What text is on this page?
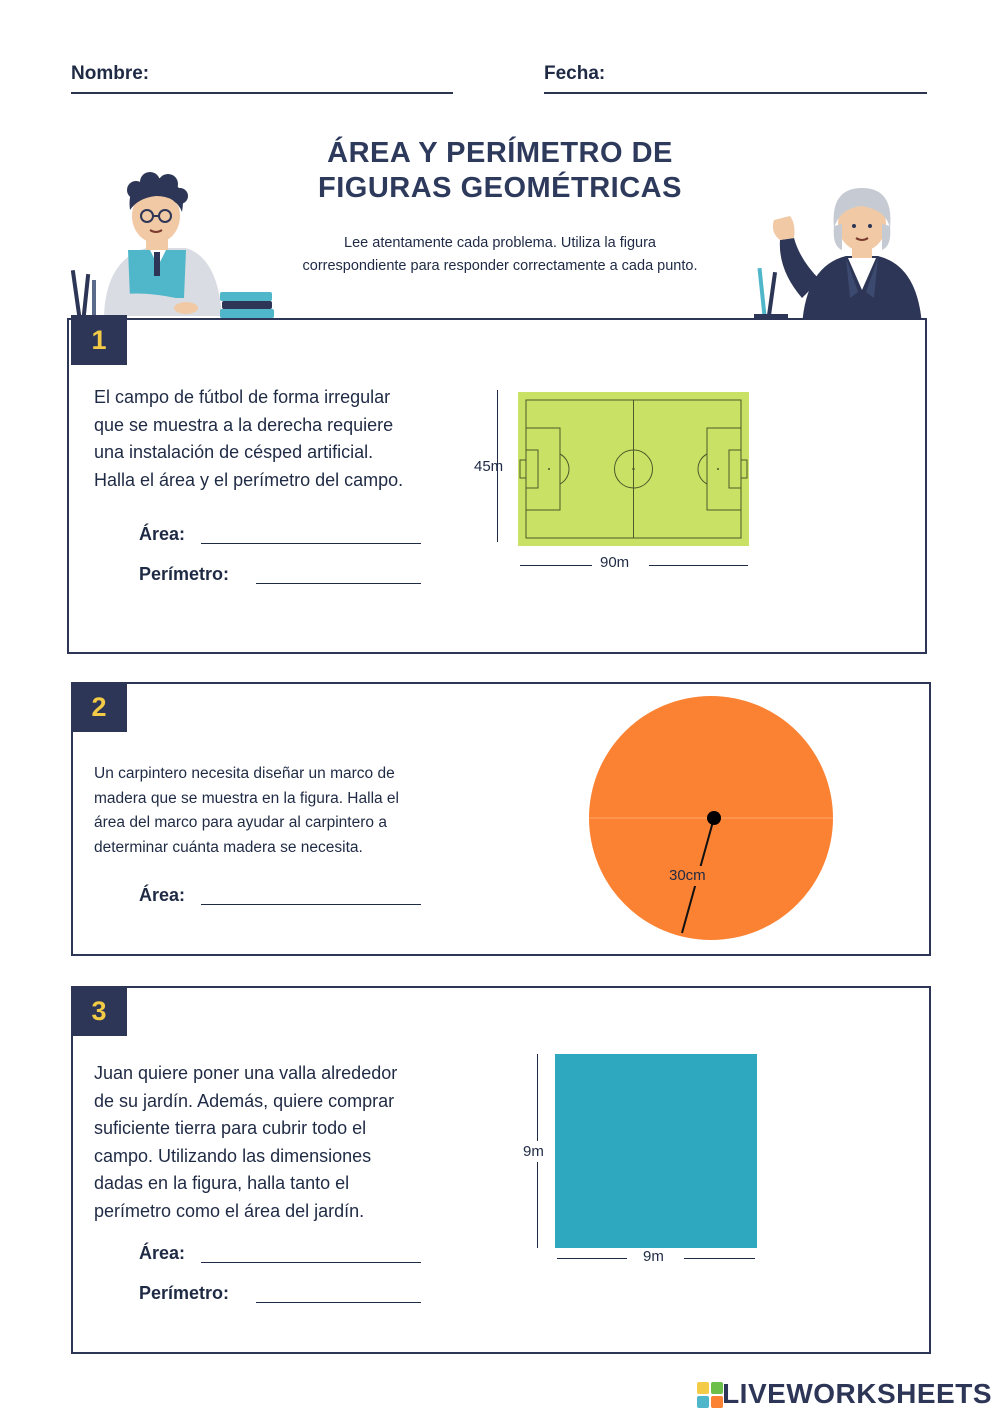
Nombre:	Fecha:
ÁREA Y PERÍMETRO DE
FIGURAS GEOMÉTRICAS
Lee atentamente cada problema. Utiliza la figura
correspondiente para responder correctamente a cada punto.
1
El campo de fútbol de forma irregular
que se muestra a la derecha requiere
una instalación de césped artificial.
Halla el área y el perímetro del campo.
Área:
Perímetro:
45m
90m
2
Un carpintero necesita diseñar un marco de
madera que se muestra en la figura. Halla el
área del marco para ayudar al carpintero a
determinar cuánta madera se necesita.
Área:
30cm
3
Juan quiere poner una valla alrededor
de su jardín. Además, quiere comprar
suficiente tierra para cubrir todo el
campo. Utilizando las dimensiones
dadas en la figura, halla tanto el
perímetro como el área del jardín.
Área:
Perímetro:
9m
9m
LIVEWORKSHEETS
